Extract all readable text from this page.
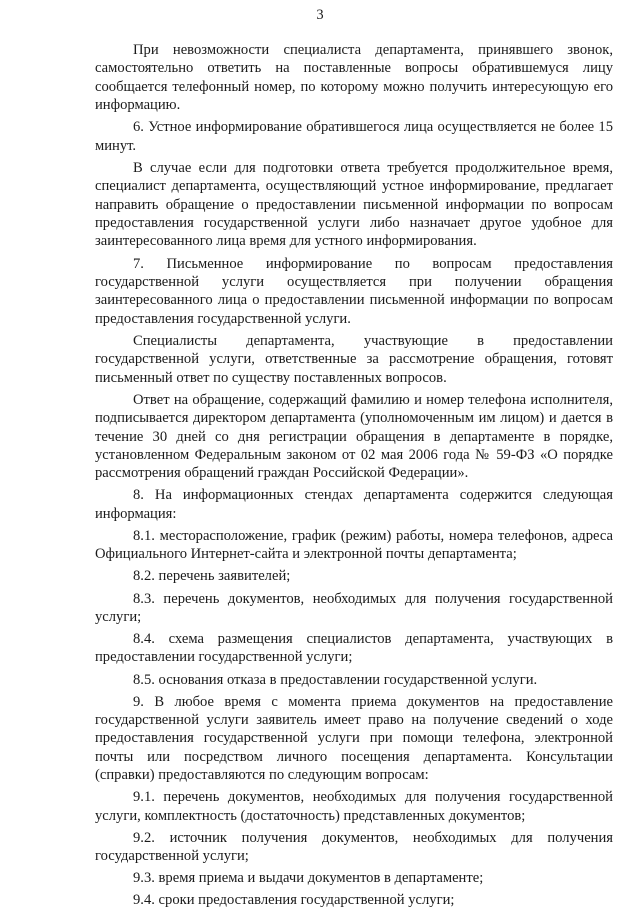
3

При невозможности специалиста департамента, принявшего звонок, самостоятельно ответить на поставленные вопросы обратившемуся лицу сообщается телефонный номер, по которому можно получить интересующую его информацию.

6. Устное информирование обратившегося лица осуществляется не более 15 минут.

В случае если для подготовки ответа требуется продолжительное время, специалист департамента, осуществляющий устное информирование, предлагает направить обращение о предоставлении письменной информации по вопросам предоставления государственной услуги либо назначает другое удобное для заинтересованного лица время для устного информирования.

7. Письменное информирование по вопросам предоставления государственной услуги осуществляется при получении обращения заинтересованного лица о предоставлении письменной информации по вопросам предоставления государственной услуги.

Специалисты департамента, участвующие в предоставлении государственной услуги, ответственные за рассмотрение обращения, готовят письменный ответ по существу поставленных вопросов.

Ответ на обращение, содержащий фамилию и номер телефона исполнителя, подписывается директором департамента (уполномоченным им лицом) и дается в течение 30 дней со дня регистрации обращения в департаменте в порядке, установленном Федеральным законом от 02 мая 2006 года № 59-ФЗ «О порядке рассмотрения обращений граждан Российской Федерации».

8. На информационных стендах департамента содержится следующая информация:

8.1. месторасположение, график (режим) работы, номера телефонов, адреса Официального Интернет-сайта и электронной почты департамента;

8.2. перечень заявителей;

8.3. перечень документов, необходимых для получения государственной услуги;

8.4. схема размещения специалистов департамента, участвующих в предоставлении государственной услуги;

8.5. основания отказа в предоставлении государственной услуги.

9. В любое время с момента приема документов на предоставление государственной услуги заявитель имеет право на получение сведений о ходе предоставления государственной услуги при помощи телефона, электронной почты или посредством личного посещения департамента. Консультации (справки) предоставляются по следующим вопросам:

9.1. перечень документов, необходимых для получения государственной услуги, комплектность (достаточность) представленных документов;

9.2. источник получения документов, необходимых для получения государственной услуги;

9.3. время приема и выдачи документов в департаменте;

9.4. сроки предоставления государственной услуги;
